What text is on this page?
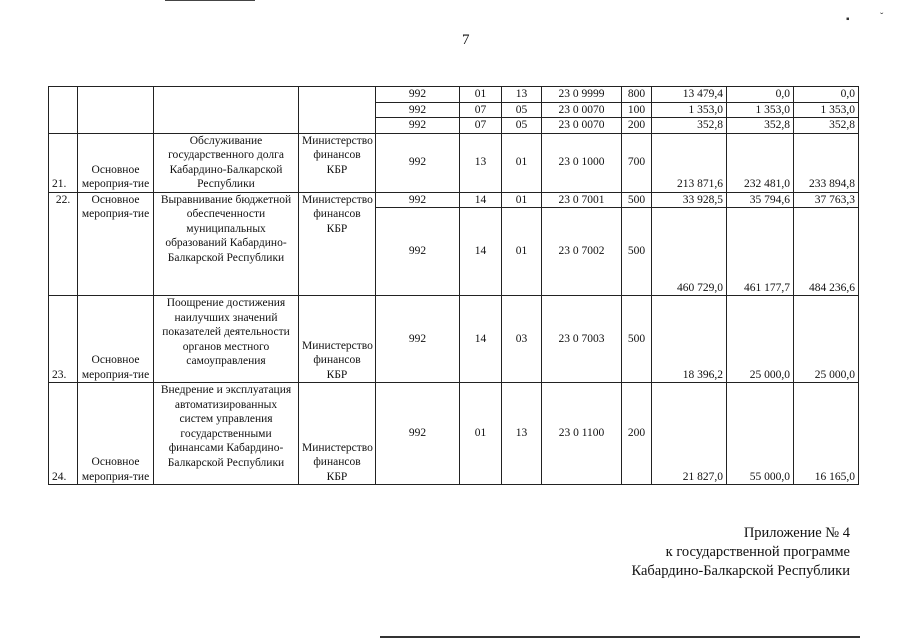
▪	ˇ
7
				992	01	13	23 0 9999	800	13 479,4	0,0	0,0
				992	07	05	23 0 0070	100	1 353,0	1 353,0	1 353,0
				992	07	05	23 0 0070	200	352,8	352,8	352,8
21.	Основное мероприя-тие	Обслуживание государственного долга Кабардино-Балкарской Республики	Министерство финансов КБР	992	13	01	23 0 1000	700	213 871,6	232 481,0	233 894,8
22.	Основное мероприя-тие	Выравнивание бюджетной обеспеченности муниципальных образований Кабардино-Балкарской Республики	Министерство финансов КБР	992	14	01	23 0 7001	500	33 928,5	35 794,6	37 763,3
				992	14	01	23 0 7002	500	460 729,0	461 177,7	484 236,6
23.	Основное мероприя-тие	Поощрение достижения наилучших значений показателей деятельности органов местного самоуправления	Министерство финансов КБР	992	14	03	23 0 7003	500	18 396,2	25 000,0	25 000,0
24.	Основное мероприя-тие	Внедрение и эксплуатация автоматизированных систем управления государственными финансами Кабардино-Балкарской Республики	Министерство финансов КБР	992	01	13	23 0 1100	200	21 827,0	55 000,0	16 165,0
Приложение № 4
к государственной программе
Кабардино-Балкарской Республики
